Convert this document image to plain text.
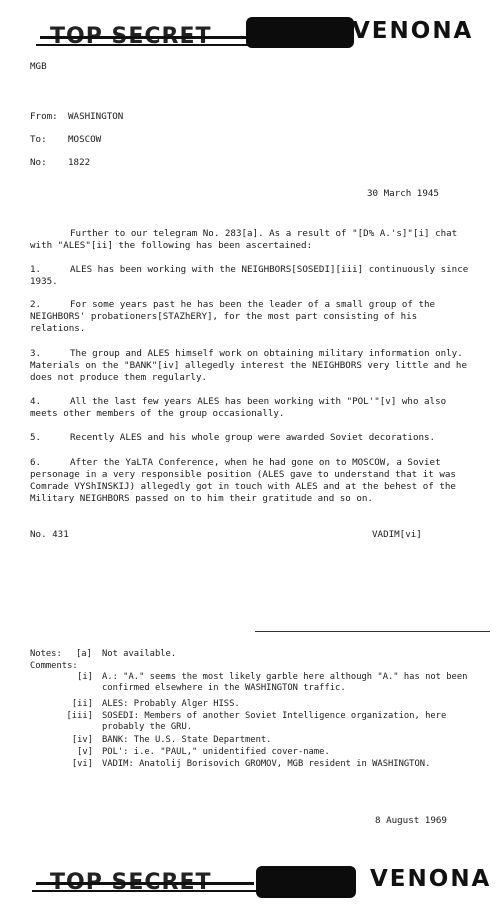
TOP SECRET	VENONA
MGB
From: WASHINGTON
To: MOSCOW
No: 1822
30 March 1945
Further to our telegram No. 283[a]. As a result of "[D% A.'s]"[i] chat with "ALES"[ii] the following has been ascertained:
1.	ALES has been working with the NEIGHBORS[SOSEDI][iii] continuously since 1935.
2.	For some years past he has been the leader of a small group of the NEIGHBORS' probationers[STAZhERY], for the most part consisting of his relations.
3.	The group and ALES himself work on obtaining military information only. Materials on the "BANK"[iv] allegedly interest the NEIGHBORS very little and he does not produce them regularly.
4.	All the last few years ALES has been working with "POL'"[v] who also meets other members of the group occasionally.
5.	Recently ALES and his whole group were awarded Soviet decorations.
6.	After the YaLTA Conference, when he had gone on to MOSCOW, a Soviet personage in a very responsible position (ALES gave to understand that it was Comrade VYShINSKIJ) allegedly got in touch with ALES and at the behest of the Military NEIGHBORS passed on to him their gratitude and so on.
No. 431	VADIM[vi]
Notes: [a] Not available.
Comments:
[i] A.: "A." seems the most likely garble here although "A." has not been confirmed elsewhere in the WASHINGTON traffic.
[ii] ALES: Probably Alger HISS.
[iii] SOSEDI: Members of another Soviet Intelligence organization, here probably the GRU.
[iv] BANK: The U.S. State Department.
[v] POL': i.e. "PAUL," unidentified cover-name.
[vi] VADIM: Anatolij Borisovich GROMOV, MGB resident in WASHINGTON.
8 August 1969
TOP SECRET	VENONA
